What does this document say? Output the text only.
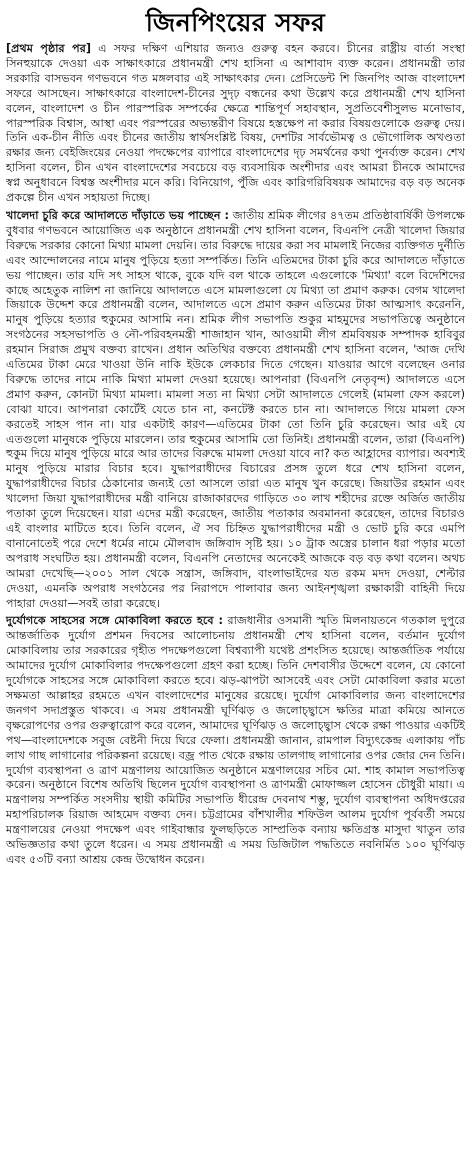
জিনপিংয়ের সফর

[প্রথম পৃষ্ঠার পর] এ সফর দক্ষিণ এশিয়ার জন্যও গুরুত্ব বহন করবে। চীনের রাষ্ট্রীয় বার্তা সংস্থা সিনহুয়াকে দেওয়া এক সাক্ষাৎকারে প্রধানমন্ত্রী শেখ হাসিনা এ আশাবাদ ব্যক্ত করেন। প্রধানমন্ত্রী তার সরকারি বাসভবন গণভবনে গত মঙ্গলবার এই সাক্ষাৎকার দেন। প্রেসিডেন্ট শি জিনপিং আজ বাংলাদেশ সফরে আসছেন। সাক্ষাৎকারে বাংলাদেশ-চীনের সুদৃঢ় বন্ধনের কথা উল্লেখ করে প্রধানমন্ত্রী শেখ হাসিনা বলেন, বাংলাদেশ ও চীন পারস্পরিক সম্পর্কের ক্ষেত্রে শান্তিপূর্ণ সহাবস্থান, সুপ্রতিবেশীসুলভ মনোভাব, পারস্পরিক বিশ্বাস, আস্থা এবং পরস্পরের অভ্যন্তরীণ বিষয়ে হস্তক্ষেপ না করার বিষয়গুলোকে গুরুত্ব দেয়। তিনি এক-চীন নীতি এবং চীনের জাতীয় স্বার্থসংশ্লিষ্ট বিষয়, দেশটির সার্বভৌমত্ব ও ভৌগোলিক অখণ্ডতা রক্ষার জন্য বেইজিংয়ের নেওয়া পদক্ষেপের ব্যাপারে বাংলাদেশের দৃঢ় সমর্থনের কথা পুনর্ব্যক্ত করেন। শেখ হাসিনা বলেন, চীন এখন বাংলাদেশের সবচেয়ে বড় ব্যবসায়িক অংশীদার এবং আমরা চীনকে আমাদের স্বপ্ন অনুধাবনে বিশ্বস্ত অংশীদার মনে করি। বিনিয়োগ, পুঁজি এবং কারিগরিবিষয়ক আমাদের বড় বড় অনেক প্রকল্পে চীন এখন সহায়তা দিচ্ছে।

খালেদা চুরি করে আদালতে দাঁড়াতে ভয় পাচ্ছেন : জাতীয় শ্রমিক লীগের ৪৭তম প্রতিষ্ঠাবার্ষিকী উপলক্ষে বুধবার গণভবনে আয়োজিত এক অনুষ্ঠানে প্রধানমন্ত্রী শেখ হাসিনা বলেন, বিএনপি নেত্রী খালেদা জিয়ার বিরুদ্ধে সরকার কোনো মিথ্যা মামলা দেয়নি। তার বিরুদ্ধে দায়ের করা সব মামলাই নিজের ব্যক্তিগত দুর্নীতি এবং আন্দোলনের নামে মানুষ পুড়িয়ে হত্যা সম্পর্কিত। তিনি এতিমদের টাকা চুরি করে আদালতে দাঁড়াতে ভয় পাচ্ছেন। তার যদি সৎ সাহস থাকে, বুকে যদি বল থাকে তাহলে এগুলোকে 'মিথ্যা' বলে বিদেশিদের কাছে অহেতুক নালিশ না জানিয়ে আদালতে এসে মামলাগুলো যে মিথ্যা তা প্রমাণ করুক। বেগম খালেদা জিয়াকে উদ্দেশ করে প্রধানমন্ত্রী বলেন, আদালতে এসে প্রমাণ করুন এতিমের টাকা আত্মসাৎ করেননি, মানুষ পুড়িয়ে হত্যার হুকুমের আসামি নন। শ্রমিক লীগ সভাপতি শুকুর মাহমুদের সভাপতিত্বে অনুষ্ঠানে সংগঠনের সহসভাপতি ও নৌ-পরিবহনমন্ত্রী শাজাহান খান, আওয়ামী লীগ শ্রমবিষয়ক সম্পাদক হাবিবুর রহমান সিরাজ প্রমুখ বক্তব্য রাখেন। প্রধান অতিথির বক্তব্যে প্রধানমন্ত্রী শেখ হাসিনা বলেন, 'আজ দেখি এতিমের টাকা মেরে খাওয়া উনি নাকি ইউকে লেকচার দিতে গেছেন। যাওয়ার আগে বলেছেন ওনার বিরুদ্ধে তাদের নামে নাকি মিথ্যা মামলা দেওয়া হয়েছে। আপনারা (বিএনপি নেতৃবৃন্দ) আদালতে এসে প্রমাণ করুন, কোনটা মিথ্যা মামলা। মামলা সত্য না মিথ্যা সেটা আদালতে গেলেই (মামলা ফেস করলে) বোঝা যাবে। আপনারা কোর্টেই যেতে চান না, কনটেক্ট করতে চান না। আদালতে গিয়ে মামলা ফেস করতেই সাহস পান না। যার একটাই কারণ—এতিমের টাকা তো তিনি চুরি করেছেন। আর এই যে এতগুলো মানুষকে পুড়িয়ে মারলেন। তার হুকুমের আসামি তো তিনিই। প্রধানমন্ত্রী বলেন, তারা (বিএনপি) হুকুম দিয়ে মানুষ পুড়িয়ে মারে আর তাদের বিরুদ্ধে মামলা দেওয়া যাবে না? কত আহ্লাদের ব্যাপার। অবশ্যই মানুষ পুড়িয়ে মারার বিচার হবে। যুদ্ধাপরাধীদের বিচারের প্রসঙ্গ তুলে ধরে শেখ হাসিনা বলেন, যুদ্ধাপরাধীদের বিচার ঠেকানোর জন্যই তো আসলে তারা এত মানুষ খুন করেছে। জিয়াউর রহমান এবং খালেদা জিয়া যুদ্ধাপরাধীদের মন্ত্রী বানিয়ে রাজাকারদের গাড়িতে ৩০ লাখ শহীদের রক্তে অর্জিত জাতীয় পতাকা তুলে দিয়েছেন। যারা এদের মন্ত্রী করেছেন, জাতীয় পতাকার অবমাননা করেছেন, তাদের বিচারও এই বাংলার মাটিতে হবে। তিনি বলেন, ঐ সব চিহ্নিত যুদ্ধাপরাধীদের মন্ত্রী ও ভোট চুরি করে এমপি বানানোতেই পরে দেশে ধর্মের নামে মৌলবাদ জঙ্গিবাদ সৃষ্টি হয়। ১০ ট্রাক অস্ত্রের চালান ধরা পড়ার মতো অপরাধ সংঘটিত হয়। প্রধানমন্ত্রী বলেন, বিএনপি নেতাদের অনেকেই আজকে বড় বড় কথা বলেন। অথচ আমরা দেখেছি—২০০১ সাল থেকে সন্ত্রাস, জঙ্গিবাদ, বাংলাভাইদের যত রকম মদদ দেওয়া, শেল্টার দেওয়া, এমনকি অপরাধ সংগঠনের পর নিরাপদে পালাবার জন্য আইনশৃঙ্খলা রক্ষাকারী বাহিনী দিয়ে পাহারা দেওয়া—সবই তারা করেছে।

দুর্যোগকে সাহসের সঙ্গে মোকাবিলা করতে হবে : রাজধানীর ওসমানী স্মৃতি মিলনায়তনে গতকাল দুপুরে আন্তর্জাতিক দুর্যোগ প্রশমন দিবসের আলোচনায় প্রধানমন্ত্রী শেখ হাসিনা বলেন, বর্তমান দুর্যোগ মোকাবিলায় তার সরকারের গৃহীত পদক্ষেপগুলো বিশ্বব্যাপী যথেষ্ট প্রশংসিত হয়েছে। আন্তর্জাতিক পর্যায়ে আমাদের দুর্যোগ মোকাবিলার পদক্ষেপগুলো গ্রহণ করা হচ্ছে। তিনি দেশবাসীর উদ্দেশে বলেন, যে কোনো দুর্যোগকে সাহসের সঙ্গে মোকাবিলা করতে হবে। ঝড়-ঝাপটা আসবেই এবং সেটা মোকাবিলা করার মতো সক্ষমতা আল্লাহর রহমতে এখন বাংলাদেশের মানুষের রয়েছে। দুর্যোগ মোকাবিলার জন্য বাংলাদেশের জনগণ সদাপ্রস্তুত থাকবে। এ সময় প্রধানমন্ত্রী ঘূর্ণিঝড় ও জলোচ্ছ্বাসে ক্ষতির মাত্রা কমিয়ে আনতে বৃক্ষরোপণের ওপর গুরুত্বারোপ করে বলেন, আমাদের ঘূর্ণিঝড় ও জলোচ্ছ্বাস থেকে রক্ষা পাওয়ার একটিই পথ—বাংলাদেশকে সবুজ বেষ্টনী দিয়ে ঘিরে ফেলা। প্রধানমন্ত্রী জানান, রামপাল বিদ্যুৎকেন্দ্র এলাকায় পাঁচ লাখ গাছ লাগানোর পরিকল্পনা রয়েছে। বজ্র পাত থেকে রক্ষায় তালগাছ লাগানোর ওপর জোর দেন তিনি। দুর্যোগ ব্যবস্থাপনা ও ত্রাণ মন্ত্রণালয় আয়োজিত অনুষ্ঠানে মন্ত্রণালয়ের সচিব মো. শাহ কামাল সভাপতিত্ব করেন। অনুষ্ঠানে বিশেষ অতিথি ছিলেন দুর্যোগ ব্যবস্থাপনা ও ত্রাণমন্ত্রী মোফাজ্জল হোসেন চৌধুরী মায়া। এ মন্ত্রণালয় সম্পর্কিত সংসদীয় স্থায়ী কমিটির সভাপতি ধীরেন্দ্র দেবনাথ শম্ভু, দুর্যোগ ব্যবস্থাপনা অধিদপ্তরের মহাপরিচালক রিয়াজ আহমেদ বক্তব্য দেন। চট্টগ্রামের বাঁশখালীর শফিউল আলম দুর্যোগ পূর্ববর্তী সময়ে মন্ত্রণালয়ের নেওয়া পদক্ষেপ এবং গাইবান্ধার ফুলছড়িতে সাম্প্রতিক বন্যায় ক্ষতিগ্রস্ত মাসুদা খাতুন তার অভিজ্ঞতার কথা তুলে ধরেন। এ সময় প্রধানমন্ত্রী এ সময় ডিজিটাল পদ্ধতিতে নবনির্মিত ১০০ ঘূর্ণিঝড় এবং ৫৩টি বন্যা আশ্রয় কেন্দ্র উদ্বোধন করেন।
